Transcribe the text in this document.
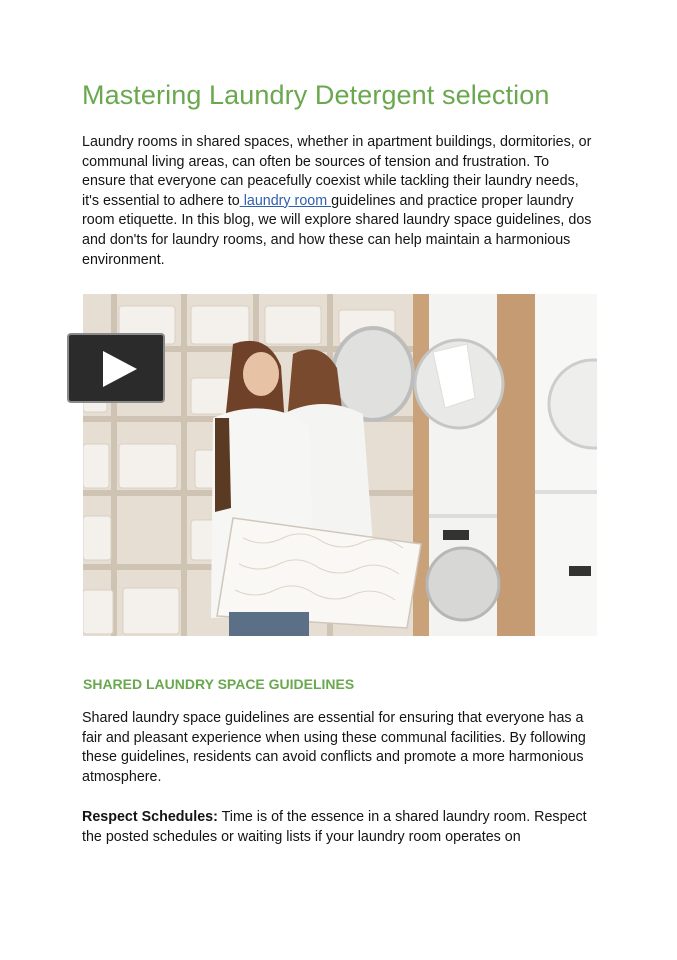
Mastering Laundry Detergent selection

Laundry rooms in shared spaces, whether in apartment buildings, dormitories, or communal living areas, can often be sources of tension and frustration. To ensure that everyone can peacefully coexist while tackling their laundry needs, it's essential to adhere to laundry room guidelines and practice proper laundry room etiquette. In this blog, we will explore shared laundry space guidelines, dos and don'ts for laundry rooms, and how these can help maintain a harmonious environment.

SHARED LAUNDRY SPACE GUIDELINES

Shared laundry space guidelines are essential for ensuring that everyone has a fair and pleasant experience when using these communal facilities. By following these guidelines, residents can avoid conflicts and promote a more harmonious atmosphere.

Respect Schedules: Time is of the essence in a shared laundry room. Respect the posted schedules or waiting lists if your laundry room operates on
